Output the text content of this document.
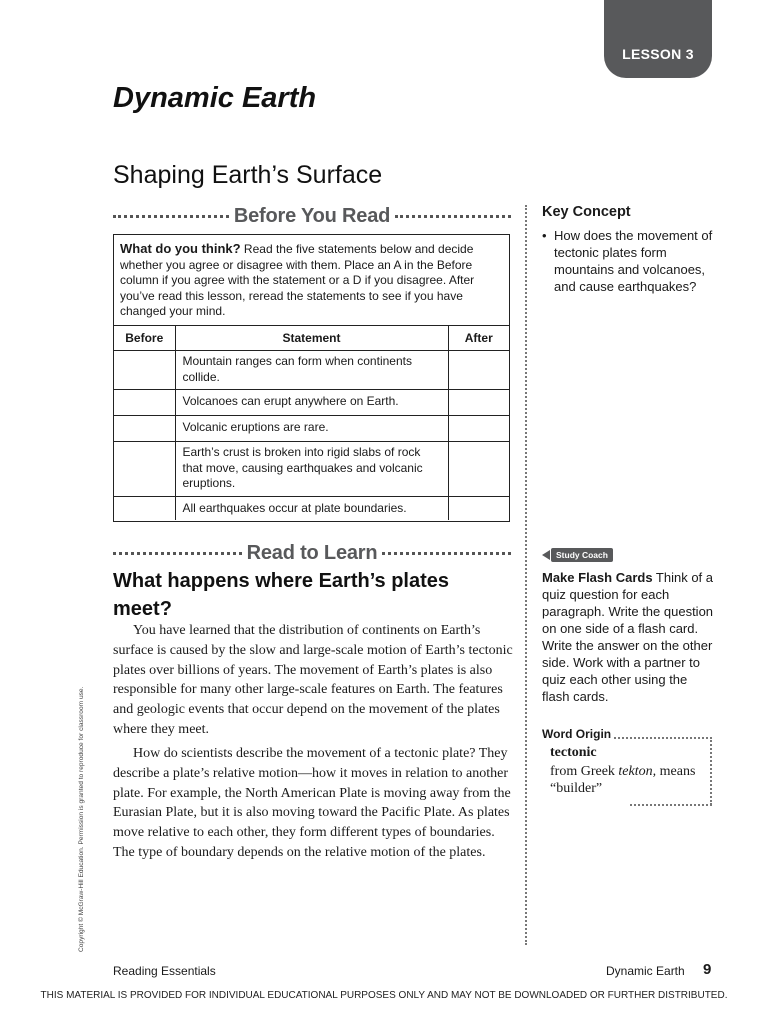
LESSON 3
Dynamic Earth
Shaping Earth’s Surface
Before You Read
What do you think? Read the five statements below and decide whether you agree or disagree with them. Place an A in the Before column if you agree with the statement or a D if you disagree. After you’ve read this lesson, reread the statements to see if you have changed your mind.
Before	Statement	After
	Mountain ranges can form when continents collide.	
	Volcanoes can erupt anywhere on Earth.	
	Volcanic eruptions are rare.	
	Earth’s crust is broken into rigid slabs of rock that move, causing earthquakes and volcanic eruptions.	
	All earthquakes occur at plate boundaries.	
Key Concept
• How does the movement of tectonic plates form mountains and volcanoes, and cause earthquakes?
Read to Learn
What happens where Earth’s plates meet?

You have learned that the distribution of continents on Earth’s surface is caused by the slow and large-scale motion of Earth’s tectonic plates over billions of years. The movement of Earth’s plates is also responsible for many other large-scale features on Earth. The features and geologic events that occur depend on the movement of the plates where they meet.

How do scientists describe the movement of a tectonic plate? They describe a plate’s relative motion—how it moves in relation to another plate. For example, the North American Plate is moving away from the Eurasian Plate, but it is also moving toward the Pacific Plate. As plates move relative to each other, they form different types of boundaries. The type of boundary depends on the relative motion of the plates.

Study Coach
Make Flash Cards Think of a quiz question for each paragraph. Write the question on one side of a flash card. Write the answer on the other side. Work with a partner to quiz each other using the flash cards.
Word Origin
tectonic
from Greek tekton, means “builder”
Copyright © McGraw-Hill Education. Permission is granted to reproduce for classroom use.
Reading Essentials	Dynamic Earth 9
THIS MATERIAL IS PROVIDED FOR INDIVIDUAL EDUCATIONAL PURPOSES ONLY AND MAY NOT BE DOWNLOADED OR FURTHER DISTRIBUTED.
